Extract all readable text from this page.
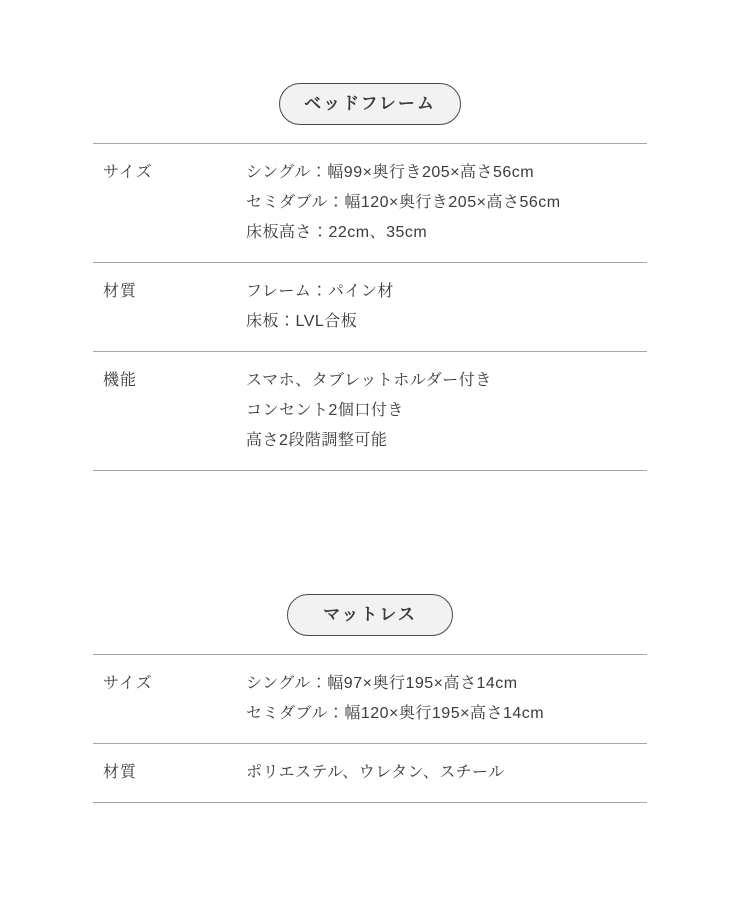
ベッドフレーム
サイズ	シングル：幅99×奥行き205×高さ56cm
セミダブル：幅120×奥行き205×高さ56cm
床板高さ：22cm、35cm
材質	フレーム：パイン材
床板：LVL合板
機能	スマホ、タブレットホルダー付き
コンセント2個口付き
高さ2段階調整可能
マットレス
サイズ	シングル：幅97×奥行195×高さ14cm
セミダブル：幅120×奥行195×高さ14cm
材質	ポリエステル、ウレタン、スチール
